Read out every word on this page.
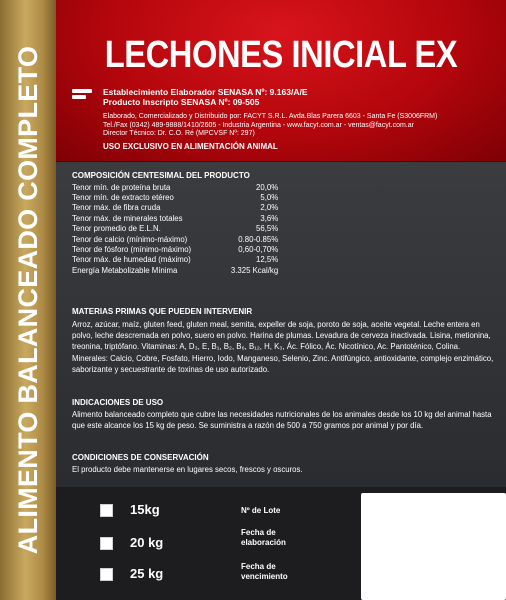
ALIMENTO BALANCEADO COMPLETO	LECHONES INICIAL EX
Establecimiento Elaborador SENASA Nº: 9.163/A/E
Producto Inscripto SENASA Nº: 09-505
Elaborado, Comercializado y Distribuido por: FACYT S.R.L. Avda.Blas Parera 6603 - Santa Fe (S3006FRM)
Tel./Fax (0342) 489-9888/1410/2605 - Industria Argentina - www.facyt.com.ar - ventas@facyt.com.ar
Director Técnico: Dr. C.O. Ré (MPCVSF Nº: 297)
USO EXCLUSIVO EN ALIMENTACIÓN ANIMAL
COMPOSICIÓN CENTESIMAL DEL PRODUCTO
Tenor mín. de proteína bruta	20,0%
Tenor mín. de extracto etéreo	5,0%
Tenor máx. de fibra cruda	2,0%
Tenor máx. de minerales totales	3,6%
Tenor promedio de E.L.N.	56,5%
Tenor de calcio (mínimo-máximo)	0.80-0.85%
Tenor de fósforo (mínimo-máximo)	0,60-0,70%
Tenor máx. de humedad (máximo)	12,5%
Energía Metabolizable Mínima	3.325 Kcal/kg
MATERIAS PRIMAS QUE PUEDEN INTERVENIR
Arroz, azúcar, maíz, gluten feed, gluten meal, semita, expeller de soja, poroto de soja, aceite vegetal. Leche entera en polvo, leche descremada en polvo, suero en polvo. Harina de plumas. Levadura de cerveza inactivada. Lisina, metionina, treonina, triptófano. Vitaminas: A, D₃, E, B₁, B₂, B₆, B₁₂, H, K₃, Ác. Fólico, Ác. Nicotínico, Ac. Pantoténico, Colina. Minerales: Calcio, Cobre, Fosfato, Hierro, Iodo, Manganeso, Selenio, Zinc. Antifúngico, antioxidante, complejo enzimático, saborizante y secuestrante de toxinas de uso autorizado.
INDICACIONES DE USO
Alimento balanceado completo que cubre las necesidades nutricionales de los animales desde los 10 kg del animal hasta que este alcance los 15 kg de peso. Se suministra a razón de 500 a 750 gramos por animal y por día.
CONDICIONES DE CONSERVACIÓN
El producto debe mantenerse en lugares secos, frescos y oscuros.
15kg
20 kg
25 kg
Nº de Lote
Fecha de
elaboración
Fecha de
vencimiento
